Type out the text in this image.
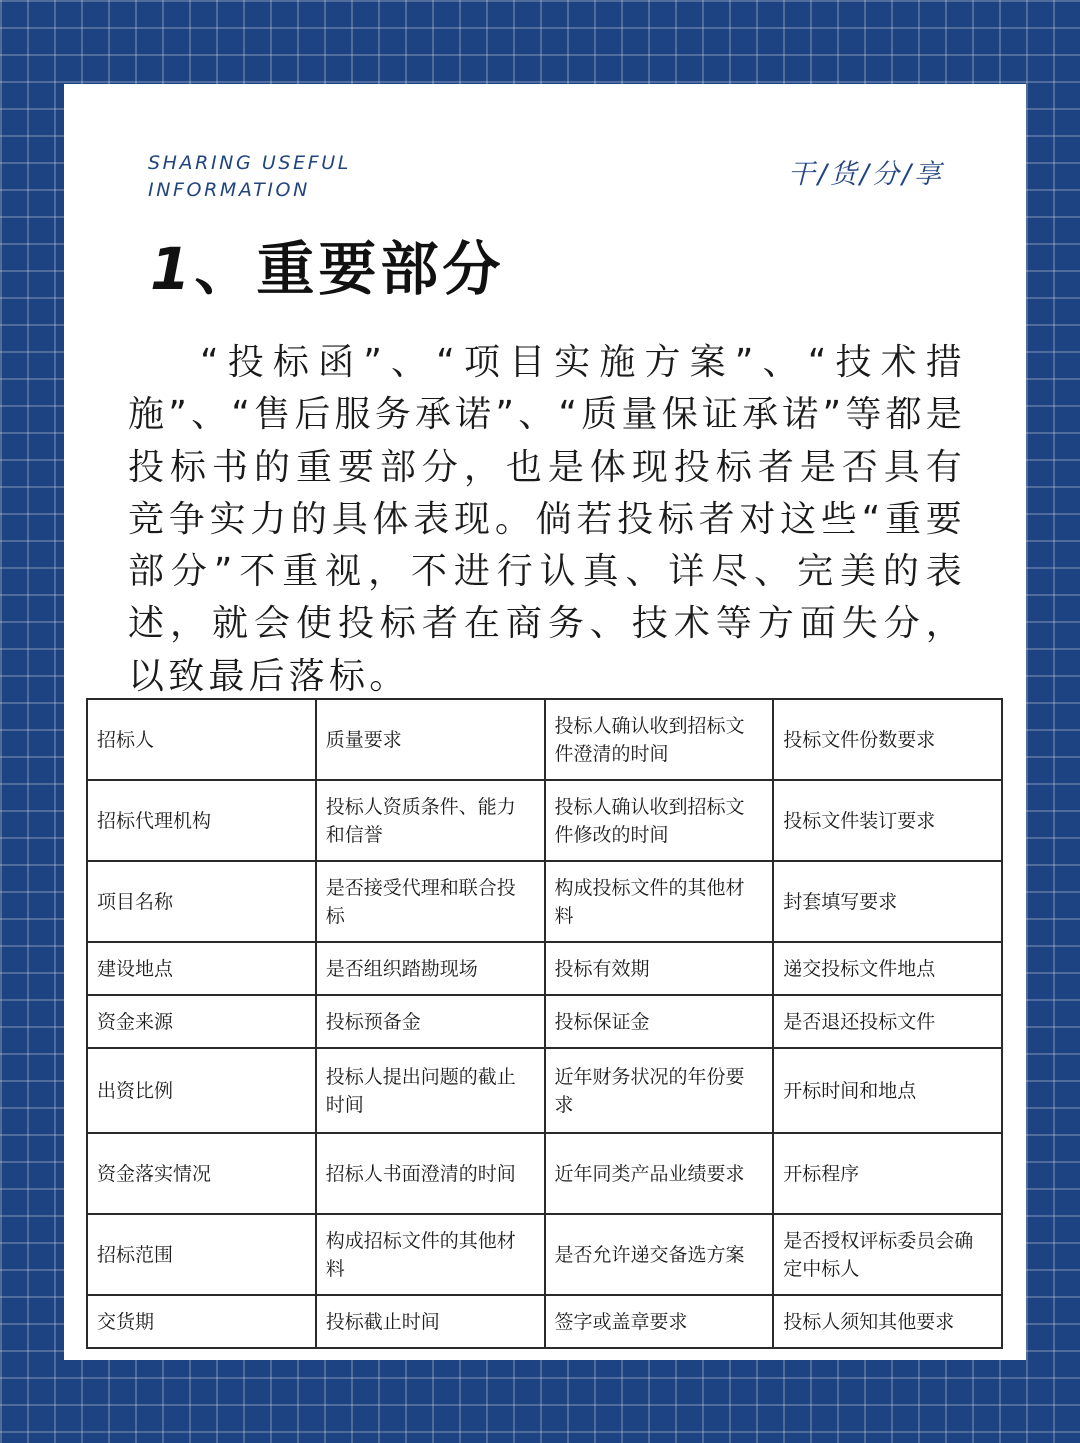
SHARING USEFUL
INFORMATION	干/货/分/享
1、重要部分

“投标函”、“项目实施方案”、“技术措施”、“售后服务承诺”、“质量保证承诺”等都是投标书的重要部分，也是体现投标者是否具有竞争实力的具体表现。倘若投标者对这些“重要部分”不重视，不进行认真、详尽、完美的表述，就会使投标者在商务、技术等方面失分，以致最后落标。

招标人	质量要求	投标人确认收到招标文件澄清的时间	投标文件份数要求
招标代理机构	投标人资质条件、能力和信誉	投标人确认收到招标文件修改的时间	投标文件装订要求
项目名称	是否接受代理和联合投标	构成投标文件的其他材料	封套填写要求
建设地点	是否组织踏勘现场	投标有效期	递交投标文件地点
资金来源	投标预备金	投标保证金	是否退还投标文件
出资比例	投标人提出问题的截止时间	近年财务状况的年份要求	开标时间和地点
资金落实情况	招标人书面澄清的时间	近年同类产品业绩要求	开标程序
招标范围	构成招标文件的其他材料	是否允许递交备选方案	是否授权评标委员会确定中标人
交货期	投标截止时间	签字或盖章要求	投标人须知其他要求
